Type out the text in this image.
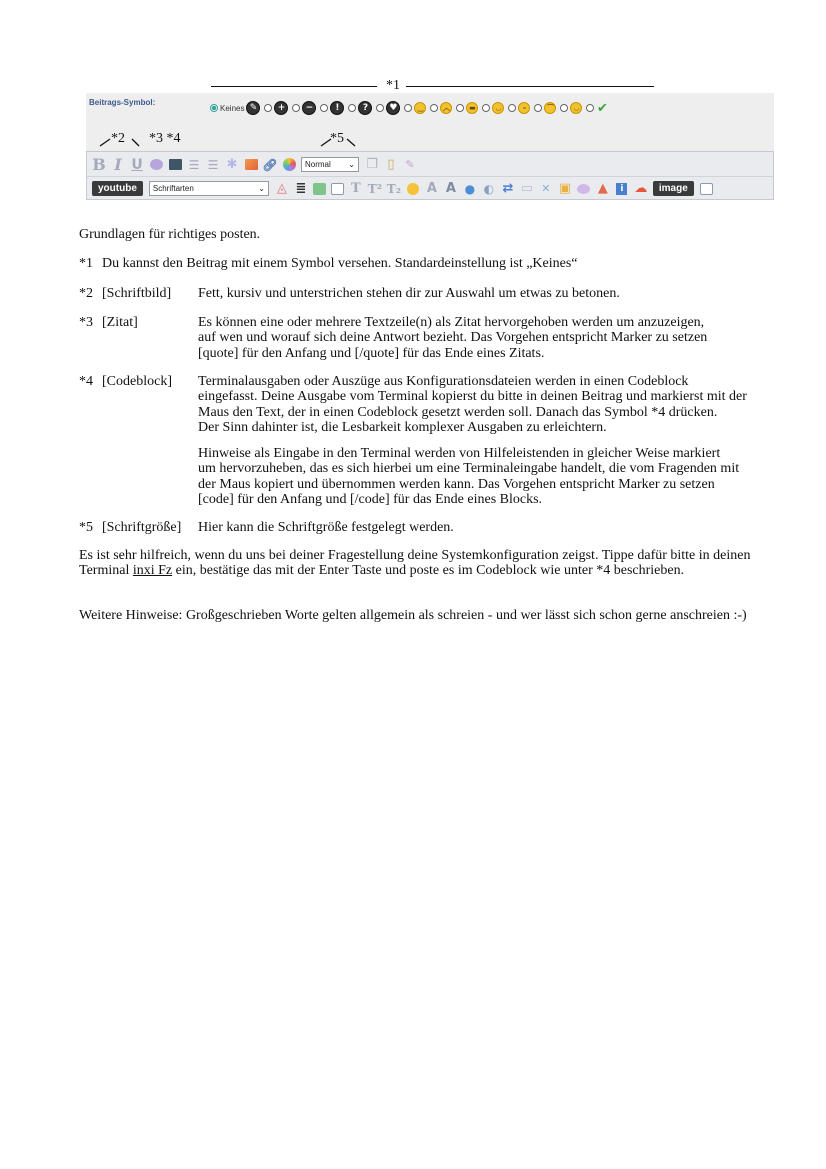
*1
Beitrags-Symbol:
Keines ✎	+	−	!	?	♥	‿	︿	▬	◡	–	⌒	◡ ✔
*2 *3 *4	*5
B I U	☰ ☰ ✱ 🔗︎	Normal ⌄ ❐ ▯ ✎
youtube	Schriftarten	⌄ ◬ ≣	T T² T₂ A A ● ◐ ⇄ ▭ ✕ ▣ ▲	i ☁	image
Grundlagen für richtiges posten.
*1 Du kannst den Beitrag mit einem Symbol versehen. Standardeinstellung ist „Keines“
*2 [Schriftbild] Fett, kursiv und unterstrichen stehen dir zur Auswahl um etwas zu betonen.

*3 [Zitat]	Es können eine oder mehrere Textzeile(n) als Zitat hervorgehoben werden um anzuzeigen,

auf wen und worauf sich deine Antwort bezieht. Das Vorgehen entspricht Marker zu setzen

[quote] für den Anfang und [/quote] für das Ende eines Zitats.

*4 [Codeblock] Terminalausgaben oder Auszüge aus Konfigurationsdateien werden in einen Codeblock

eingefasst. Deine Ausgabe vom Terminal kopierst du bitte in deinen Beitrag und markierst mit der

Maus den Text, der in einen Codeblock gesetzt werden soll. Danach das Symbol *4 drücken.

Der Sinn dahinter ist, die Lesbarkeit komplexer Ausgaben zu erleichtern.

Hinweise als Eingabe in den Terminal werden von Hilfeleistenden in gleicher Weise markiert

um hervorzuheben, das es sich hierbei um eine Terminaleingabe handelt, die vom Fragenden mit

der Maus kopiert und übernommen werden kann. Das Vorgehen entspricht Marker zu setzen

[code] für den Anfang und [/code] für das Ende eines Blocks.

*5 [Schriftgröße] Hier kann die Schriftgröße festgelegt werden.

Es ist sehr hilfreich, wenn du uns bei deiner Fragestellung deine Systemkonfiguration zeigst. Tippe dafür bitte in deinen
Terminal inxi Fz ein, bestätige das mit der Enter Taste und poste es im Codeblock wie unter *4 beschrieben.
Weitere Hinweise: Großgeschrieben Worte gelten allgemein als schreien - und wer lässt sich schon gerne anschreien :-)
